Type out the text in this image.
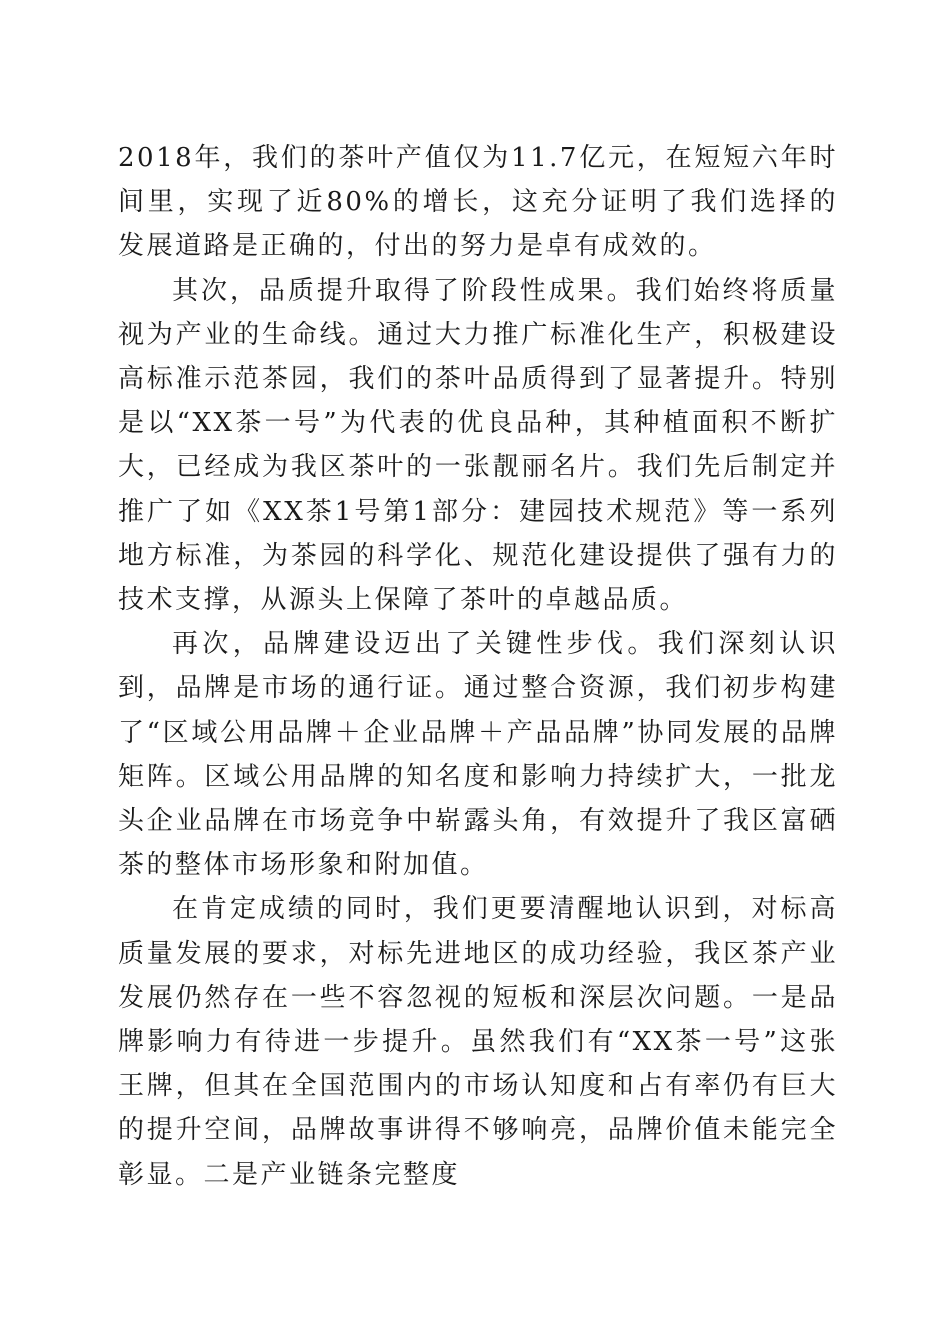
2018年，我们的茶叶产值仅为11.7亿元，在短短六年时间里，实现了近80%的增长，这充分证明了我们选择的发展道路是正确的，付出的努力是卓有成效的。

其次，品质提升取得了阶段性成果。我们始终将质量视为产业的生命线。通过大力推广标准化生产，积极建设高标准示范茶园，我们的茶叶品质得到了显著提升。特别是以“XX茶一号”为代表的优良品种，其种植面积不断扩大，已经成为我区茶叶的一张靓丽名片。我们先后制定并推广了如《XX茶1号第1部分：建园技术规范》等一系列地方标准，为茶园的科学化、规范化建设提供了强有力的技术支撑，从源头上保障了茶叶的卓越品质。

再次，品牌建设迈出了关键性步伐。我们深刻认识到，品牌是市场的通行证。通过整合资源，我们初步构建了“区域公用品牌＋企业品牌＋产品品牌”协同发展的品牌矩阵。区域公用品牌的知名度和影响力持续扩大，一批龙头企业品牌在市场竞争中崭露头角，有效提升了我区富硒茶的整体市场形象和附加值。

在肯定成绩的同时，我们更要清醒地认识到，对标高质量发展的要求，对标先进地区的成功经验，我区茶产业发展仍然存在一些不容忽视的短板和深层次问题。一是品牌影响力有待进一步提升。虽然我们有“XX茶一号”这张王牌，但其在全国范围内的市场认知度和占有率仍有巨大的提升空间，品牌故事讲得不够响亮，品牌价值未能完全彰显。二是产业链条完整度
